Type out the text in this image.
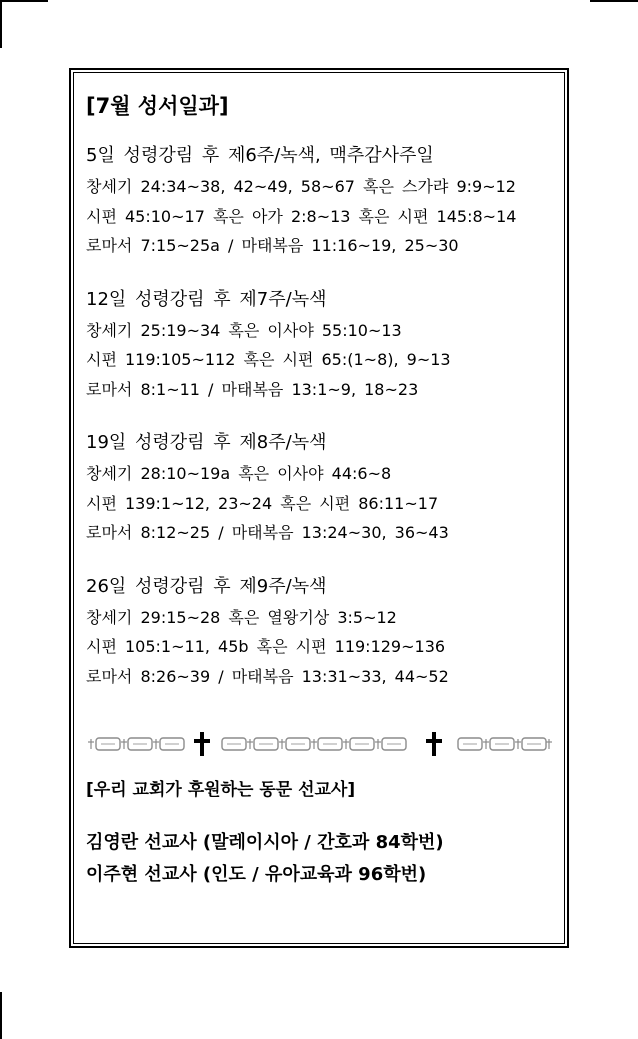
[7월 성서일과]
5일 성령강림 후 제6주/녹색, 맥추감사주일
창세기 24:34~38, 42~49, 58~67 혹은 스가랴 9:9~12
시편 45:10~17 혹은 아가 2:8~13 혹은 시편 145:8~14
로마서 7:15~25a / 마태복음 11:16~19, 25~30
12일 성령강림 후 제7주/녹색
창세기 25:19~34 혹은 이사야 55:10~13
시편 119:105~112 혹은 시편 65:(1~8), 9~13
로마서 8:1~11 / 마태복음 13:1~9, 18~23
19일 성령강림 후 제8주/녹색
창세기 28:10~19a 혹은 이사야 44:6~8
시편 139:1~12, 23~24 혹은 시편 86:11~17
로마서 8:12~25 / 마태복음 13:24~30, 36~43
26일 성령강림 후 제9주/녹색
창세기 29:15~28 혹은 열왕기상 3:5~12
시편 105:1~11, 45b 혹은 시편 119:129~136
로마서 8:26~39 / 마태복음 13:31~33, 44~52
[우리 교회가 후원하는 동문 선교사]
김영란 선교사 (말레이시아 / 간호과 84학번)
이주현 선교사 (인도 / 유아교육과 96학번)
